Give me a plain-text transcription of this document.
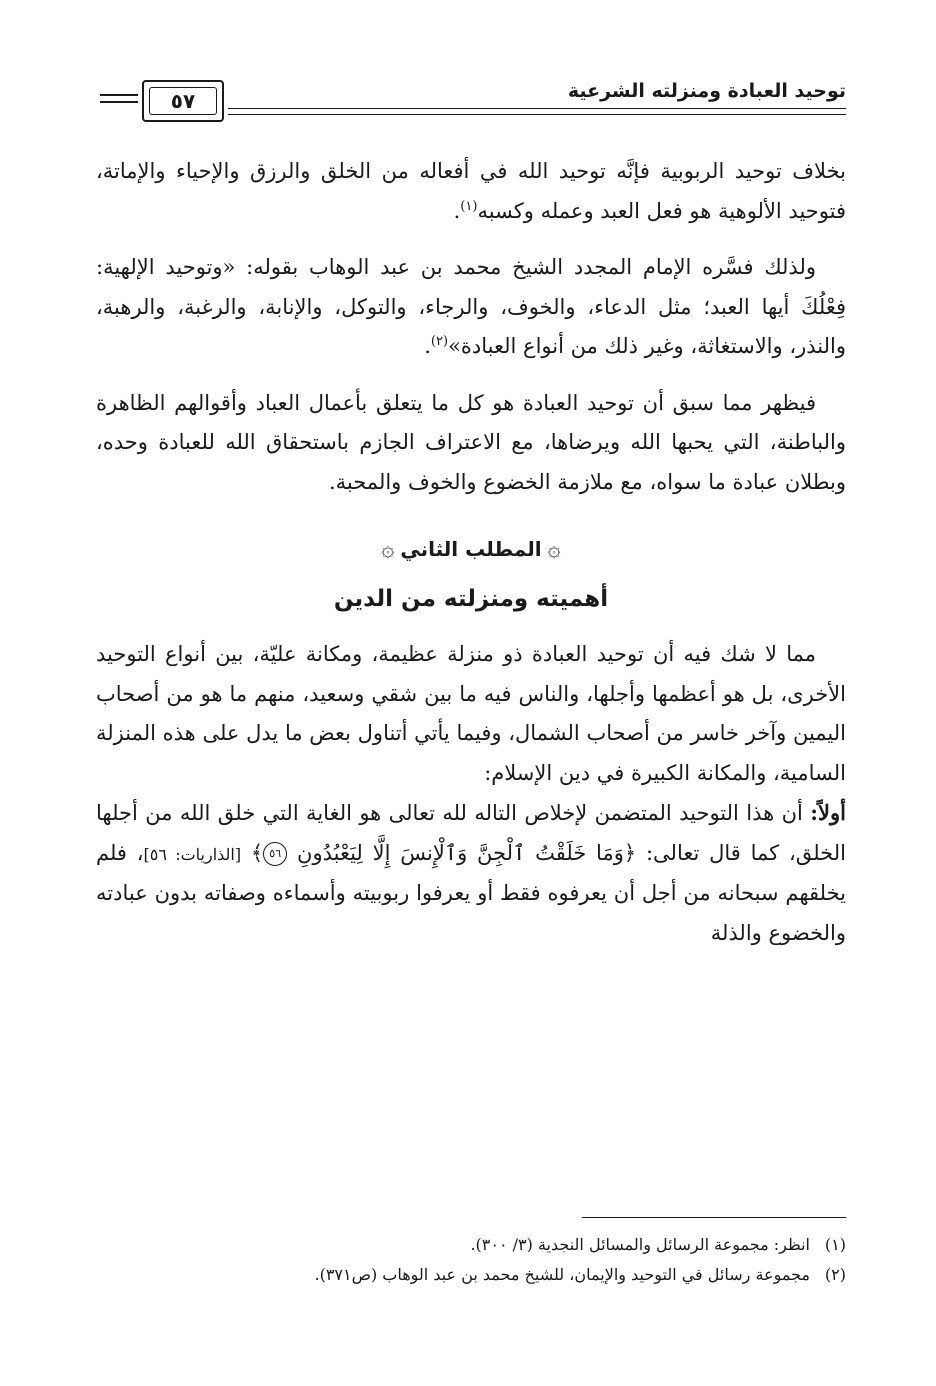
توحيد العبادة ومنزلته الشرعية
٥٧

بخلاف توحيد الربوبية فإنَّه توحيد الله في أفعاله من الخلق والرزق والإحياء والإماتة، فتوحيد الألوهية هو فعل العبد وعمله وكسبه$^{(١)}$.

ولذلك فسَّره الإمام المجدد الشيخ محمد بن عبد الوهاب بقوله: «وتوحيد الإلهية: فِعْلُكَ أيها العبد؛ مثل الدعاء، والخوف، والرجاء، والتوكل، والإنابة، والرغبة، والرهبة، والنذر، والاستغاثة، وغير ذلك من أنواع العبادة»$^{(٢)}$.

فيظهر مما سبق أن توحيد العبادة هو كل ما يتعلق بأعمال العباد وأقوالهم الظاهرة والباطنة، التي يحبها الله ويرضاها، مع الاعتراف الجازم باستحقاق الله للعبادة وحده، وبطلان عبادة ما سواه، مع ملازمة الخضوع والخوف والمحبة.

۞المطلب الثاني۞

أهميته ومنزلته من الدين

مما لا شك فيه أن توحيد العبادة ذو منزلة عظيمة، ومكانة عليّة، بين أنواع التوحيد الأخرى، بل هو أعظمها وأجلها، والناس فيه ما بين شقي وسعيد، منهم ما هو من أصحاب اليمين وآخر خاسر من أصحاب الشمال، وفيما يأتي أتناول بعض ما يدل على هذه المنزلة السامية، والمكانة الكبيرة في دين الإسلام:

أولاً: أن هذا التوحيد المتضمن لإخلاص التاله لله تعالى هو الغاية التي خلق الله من أجلها الخلق، كما قال تعالى: ﴿وَمَا خَلَقْتُ ٱلْجِنَّ وَٱلْإِنسَ إِلَّا لِيَعْبُدُونِ ٥٦﴾ [الذاريات: ٥٦]، فلم يخلقهم سبحانه من أجل أن يعرفوه فقط أو يعرفوا ربوبيته وأسماءه وصفاته بدون عبادته والخضوع والذلة

(١)انظر: مجموعة الرسائل والمسائل النجدية (٣/ ٣٠٠).

(٢)مجموعة رسائل في التوحيد والإيمان، للشيخ محمد بن عبد الوهاب (ص٣٧١).
